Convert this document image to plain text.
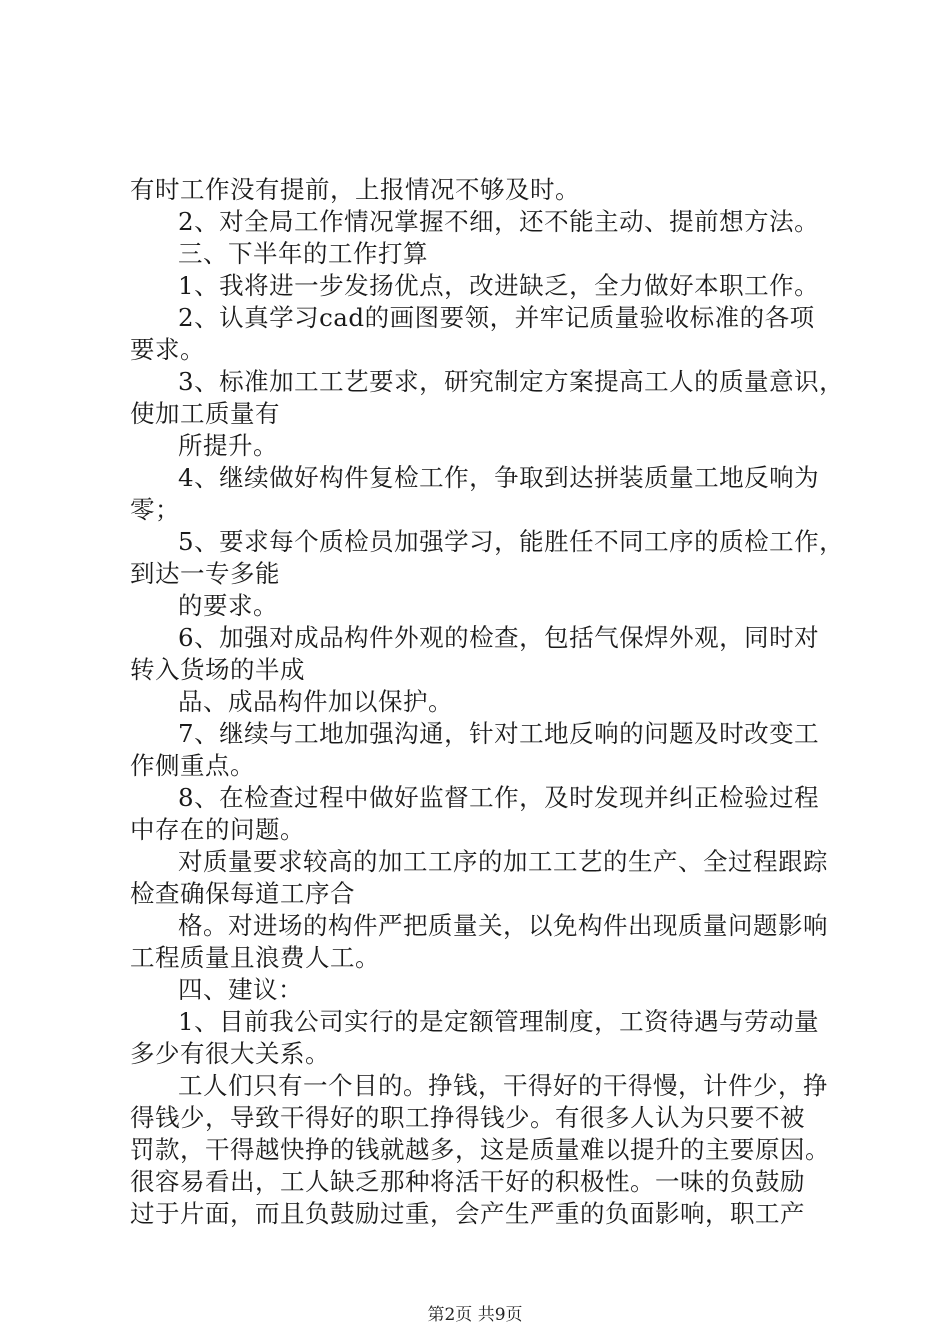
有时工作没有提前，上报情况不够及时。
2、对全局工作情况掌握不细，还不能主动、提前想方法。
三、下半年的工作打算
1、我将进一步发扬优点，改进缺乏，全力做好本职工作。
2、认真学习cad的画图要领，并牢记质量验收标准的各项
要求。
3、标准加工工艺要求，研究制定方案提高工人的质量意识，
使加工质量有
所提升。
4、继续做好构件复检工作，争取到达拼装质量工地反响为
零；
5、要求每个质检员加强学习，能胜任不同工序的质检工作，
到达一专多能
的要求。
6、加强对成品构件外观的检查，包括气保焊外观，同时对
转入货场的半成
品、成品构件加以保护。
7、继续与工地加强沟通，针对工地反响的问题及时改变工
作侧重点。
8、在检查过程中做好监督工作，及时发现并纠正检验过程
中存在的问题。
对质量要求较高的加工工序的加工工艺的生产、全过程跟踪
检查确保每道工序合
格。对进场的构件严把质量关，以免构件出现质量问题影响
工程质量且浪费人工。
四、建议：
1、目前我公司实行的是定额管理制度，工资待遇与劳动量
多少有很大关系。
工人们只有一个目的。挣钱，干得好的干得慢，计件少，挣
得钱少，导致干得好的职工挣得钱少。有很多人认为只要不被
罚款，干得越快挣的钱就越多，这是质量难以提升的主要原因。
很容易看出，工人缺乏那种将活干好的积极性。一味的负鼓励
过于片面，而且负鼓励过重，会产生严重的负面影响，职工产
第2页 共9页
